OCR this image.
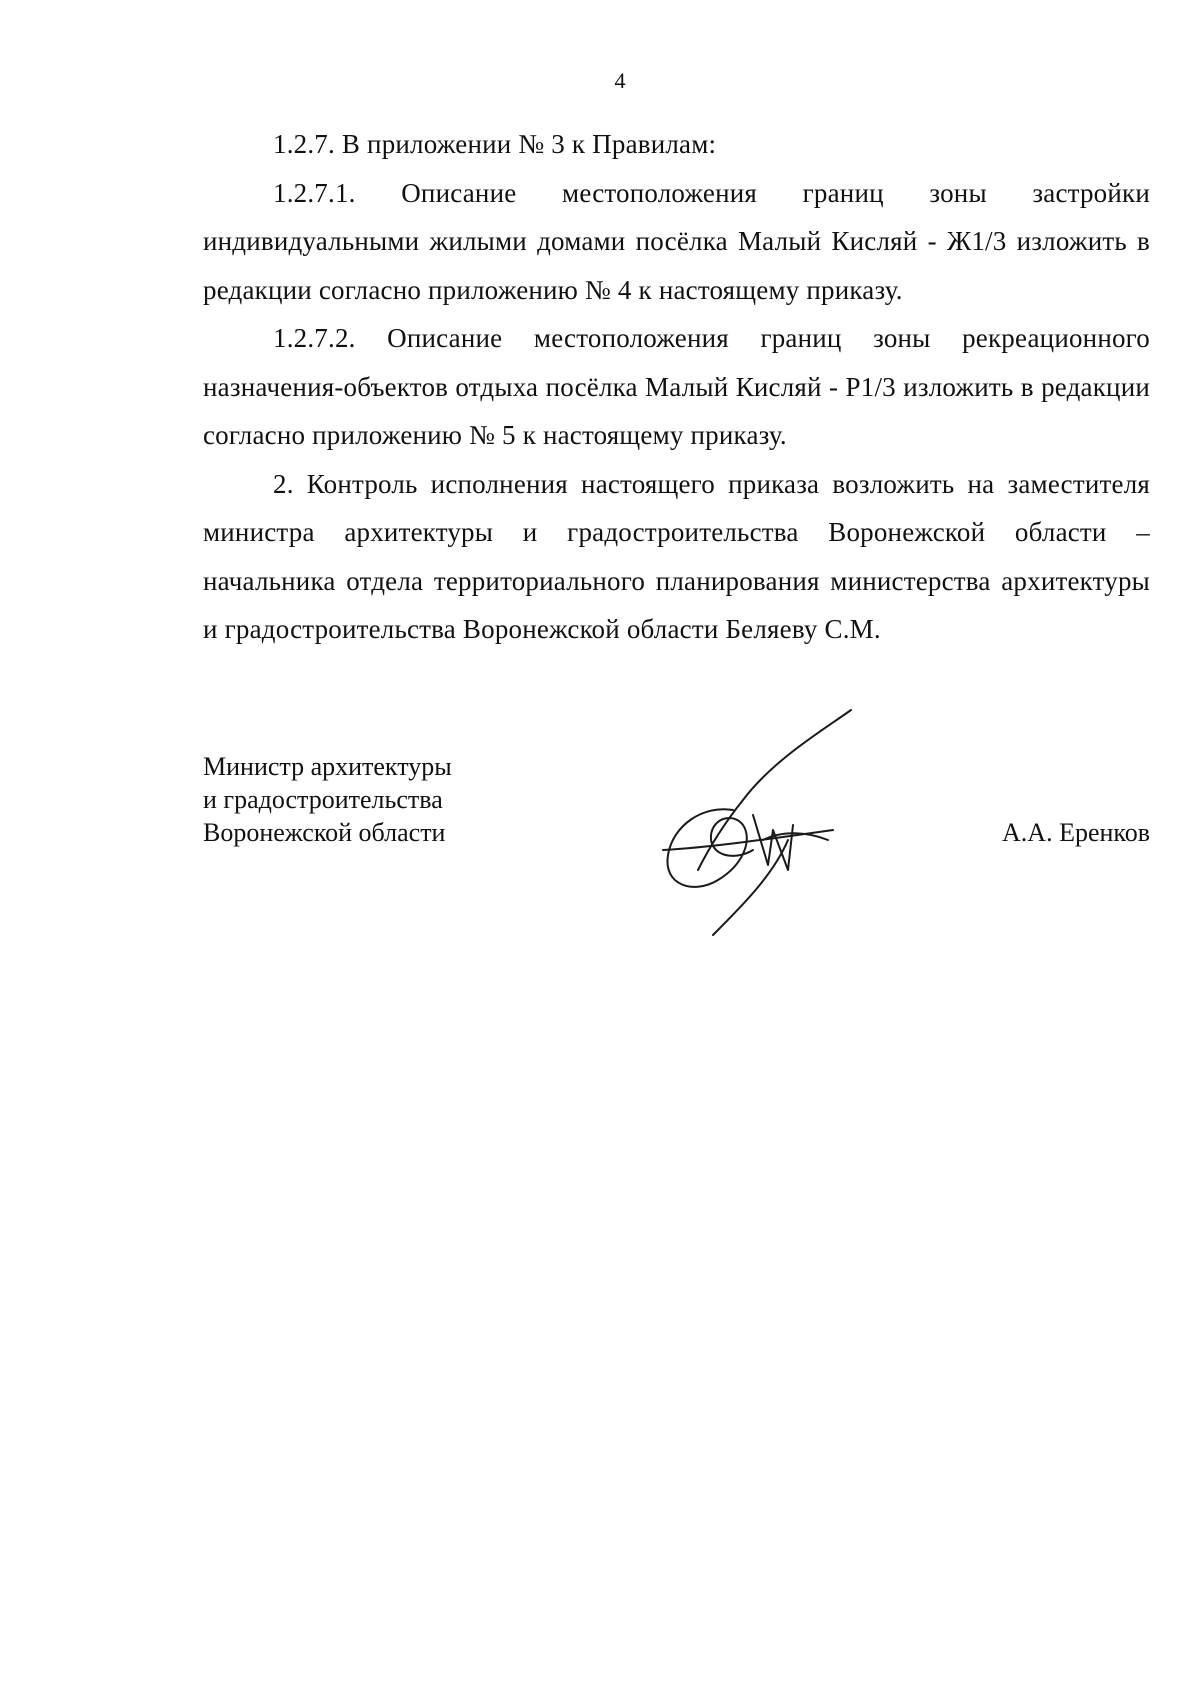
4

1.2.7. В приложении № 3 к Правилам:

1.2.7.1. Описание местоположения границ зоны застройки индивидуальными жилыми домами посёлка Малый Кисляй - Ж1/3 изложить в редакции согласно приложению № 4 к настоящему приказу.

1.2.7.2. Описание местоположения границ зоны рекреационного назначения-объектов отдыха посёлка Малый Кисляй - Р1/3 изложить в редакции согласно приложению № 5 к настоящему приказу.

2. Контроль исполнения настоящего приказа возложить на заместителя министра архитектуры и градостроительства Воронежской области – начальника отдела территориального планирования министерства архитектуры и градостроительства Воронежской области Беляеву С.М.

Министр архитектуры
и градостроительства
Воронежской области	А.А. Еренков
